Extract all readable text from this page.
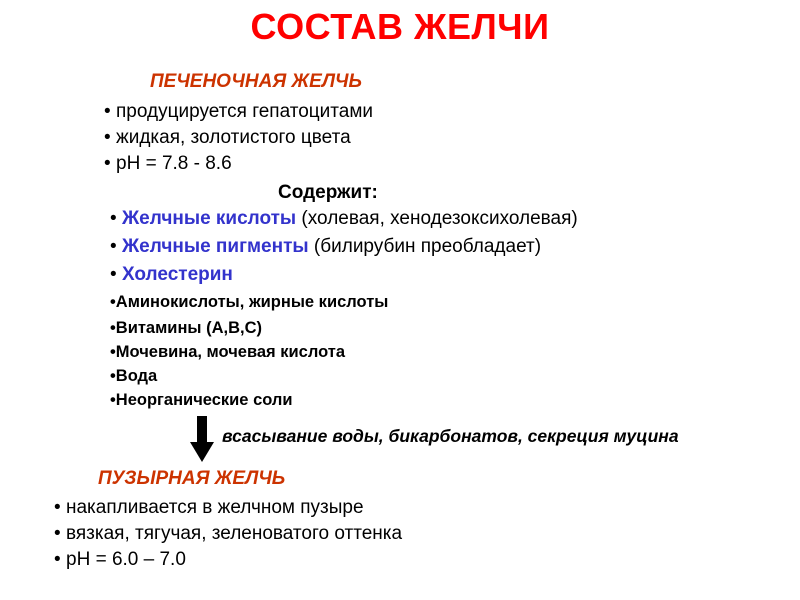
СОСТАВ ЖЕЛЧИ
ПЕЧЕНОЧНАЯ ЖЕЛЧЬ
• продуцируется гепатоцитами
• жидкая, золотистого цвета
• pH = 7.8 - 8.6
Содержит:
• Желчные кислоты (холевая, хенодезоксихолевая)
• Желчные пигменты (билирубин преобладает)
• Холестерин
•Аминокислоты, жирные кислоты
•Витамины (А,В,С)
•Мочевина, мочевая кислота
•Вода
•Неорганические соли
всасывание воды, бикарбонатов, секреция муцина
ПУЗЫРНАЯ ЖЕЛЧЬ
• накапливается в желчном пузыре
• вязкая, тягучая, зеленоватого оттенка
• pH = 6.0 – 7.0
